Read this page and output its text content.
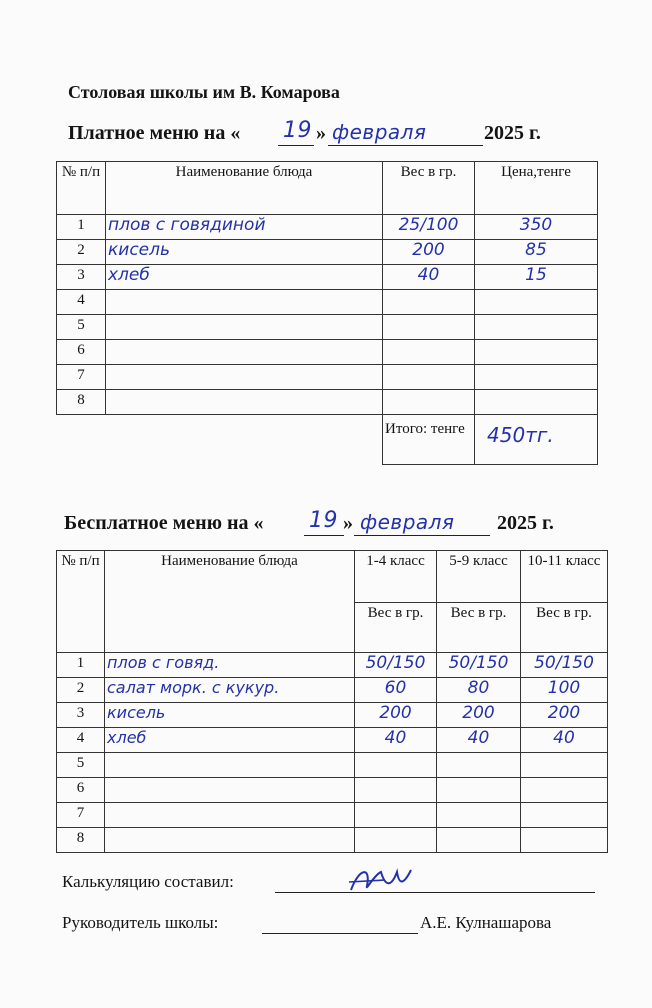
Столовая школы им В. Комарова
Платное меню на « 19 » февраля	2025 г.
№ п/п	Наименование блюда	Вес в гр.	Цена,тенге
1	плов с говядиной	25/100	350
2	кисель	200	85
3	хлеб	40	15
4			
5			
6			
7			
8			
		Итого: тенге	450тг.
Бесплатное меню на « 19 » февраля 2025 г.
№ п/п	Наименование блюда	1-4 класс	5-9 класс	10-11 класс
		Вес в гр.	Вес в гр.	Вес в гр.
1	плов с говяд.	50/150	50/150	50/150
2	салат морк. с кукур.	60	80	100
3	кисель	200	200	200
4	хлеб	40	40	40
5				
6				
7				
8				
Калькуляцию составил:
Руководитель школы:	А.Е. Кулнашарова
